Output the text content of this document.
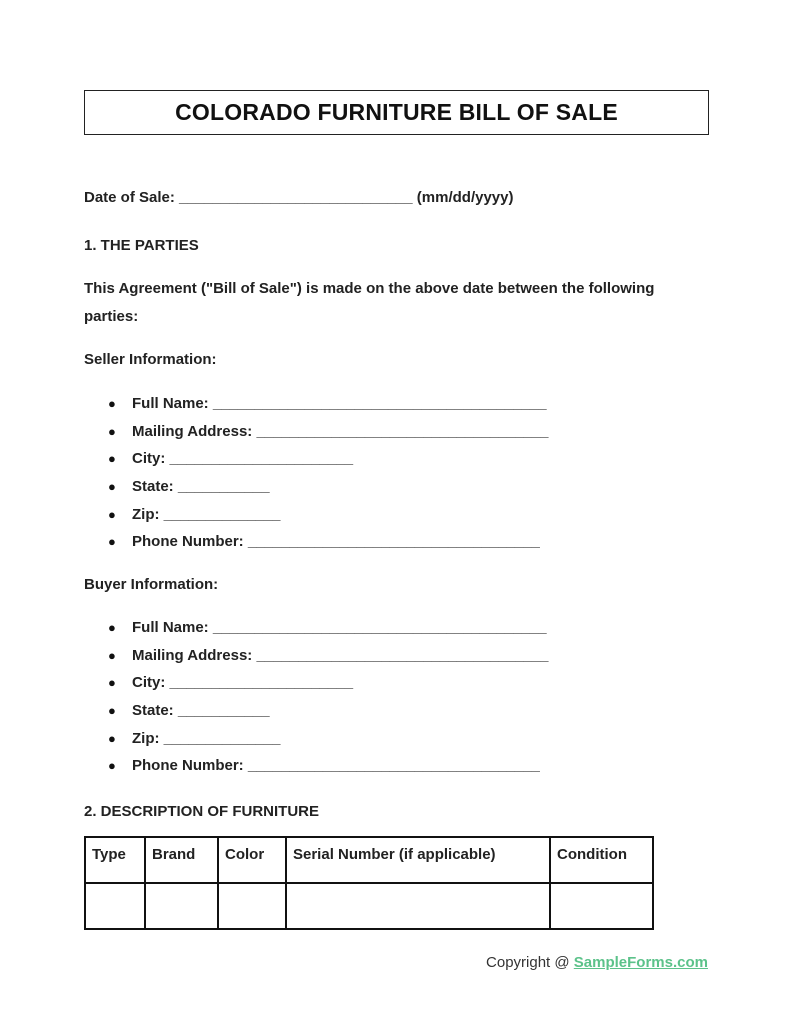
COLORADO FURNITURE BILL OF SALE
Date of Sale: ____________________________ (mm/dd/yyyy)
1. THE PARTIES
This Agreement ("Bill of Sale") is made on the above date between the following parties:
Seller Information:
●	Full Name: ________________________________________
●	Mailing Address: ___________________________________
●	City: ______________________
●	State: ___________
●	Zip: ______________
●	Phone Number: ___________________________________
Buyer Information:
●	Full Name: ________________________________________
●	Mailing Address: ___________________________________
●	City: ______________________
●	State: ___________
●	Zip: ______________
●	Phone Number: ___________________________________
2. DESCRIPTION OF FURNITURE
Type	Brand	Color	Serial Number (if applicable)	Condition

Copyright @ SampleForms.com
